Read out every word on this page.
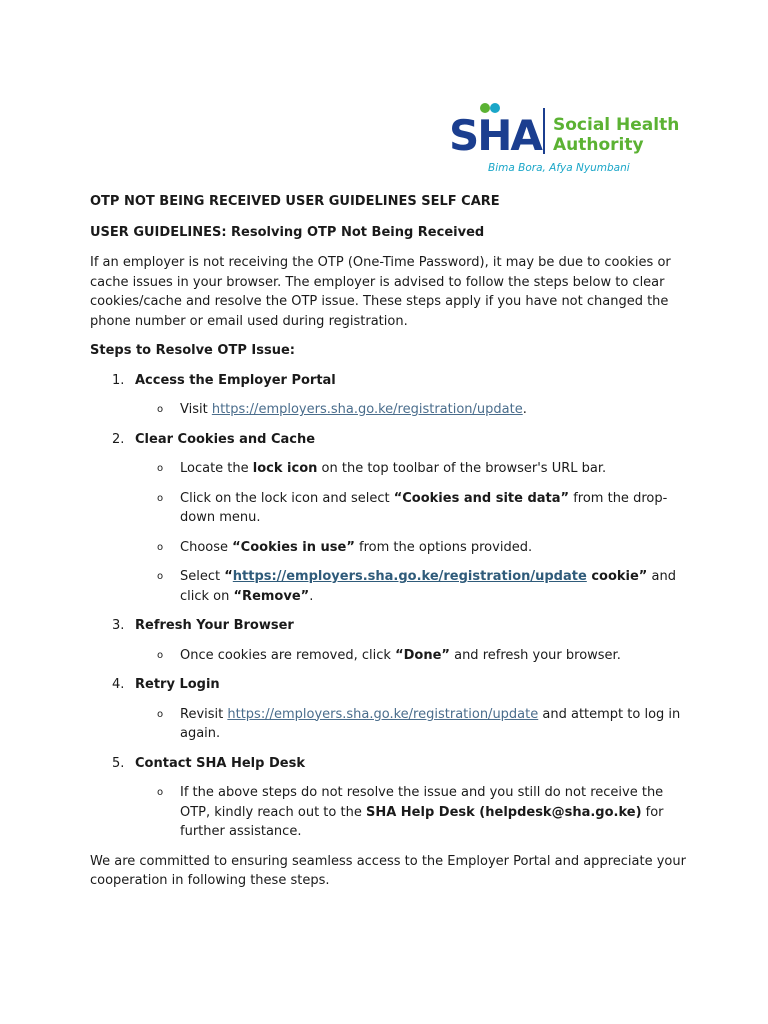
SHA Social Health
Authority
Bima Bora, Afya Nyumbani

OTP NOT BEING RECEIVED USER GUIDELINES SELF CARE

USER GUIDELINES: Resolving OTP Not Being Received

If an employer is not receiving the OTP (One-Time Password), it may be due to cookies or cache issues in your browser. The employer is advised to follow the steps below to clear cookies/cache and resolve the OTP issue. These steps apply if you have not changed the phone number or email used during registration.

Steps to Resolve OTP Issue:

1. Access the Employer Portal
o Visit https://employers.sha.go.ke/registration/update.
2. Clear Cookies and Cache
o Locate the lock icon on the top toolbar of the browser's URL bar.
o Click on the lock icon and select “Cookies and site data” from the drop-down menu.
o Choose “Cookies in use” from the options provided.
o Select “https://employers.sha.go.ke/registration/update cookie” and click on “Remove”.
3. Refresh Your Browser
o Once cookies are removed, click “Done” and refresh your browser.
4. Retry Login
o Revisit https://employers.sha.go.ke/registration/update and attempt to log in again.
5. Contact SHA Help Desk
o If the above steps do not resolve the issue and you still do not receive the OTP, kindly reach out to the SHA Help Desk (helpdesk@sha.go.ke) for further assistance.

We are committed to ensuring seamless access to the Employer Portal and appreciate your cooperation in following these steps.
